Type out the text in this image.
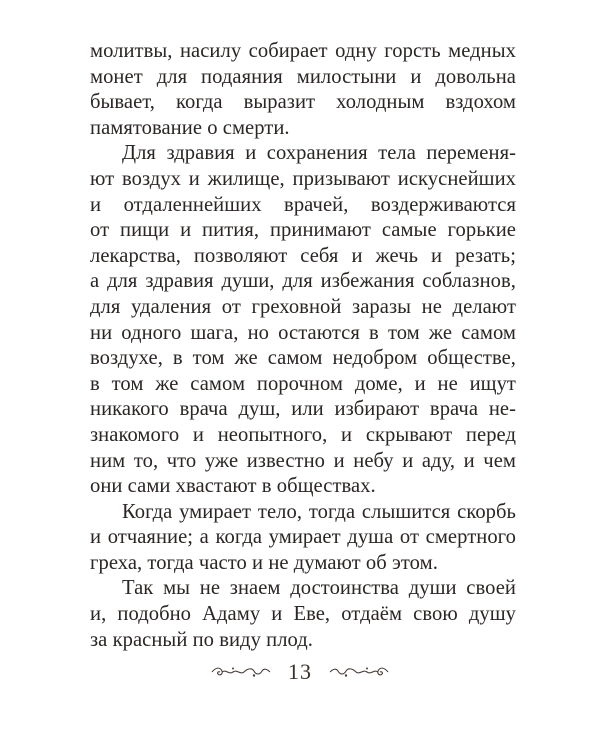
молитвы, насилу собирает одну горсть медных
монет для подаяния милостыни и довольна
бывает, когда выразит холодным вздохом
памятование о смерти.
Для здравия и сохранения тела переменя-
ют воздух и жилище, призывают искуснейших
и отдаленнейших врачей, воздерживаются
от пищи и пития, принимают самые горькие
лекарства, позволяют себя и жечь и резать;
а для здравия души, для избежания соблазнов,
для удаления от греховной заразы не делают
ни одного шага, но остаются в том же самом
воздухе, в том же самом недобром обществе,
в том же самом порочном доме, и не ищут
никакого врача душ, или избирают врача не-
знакомого и неопытного, и скрывают перед
ним то, что уже известно и небу и аду, и чем
они сами хвастают в обществах.
Когда умирает тело, тогда слышится скорбь
и отчаяние; а когда умирает душа от смертного
греха, тогда часто и не думают об этом.
Так мы не знаем достоинства души своей
и, подобно Адаму и Еве, отдаём свою душу
за красный по виду плод.
13
